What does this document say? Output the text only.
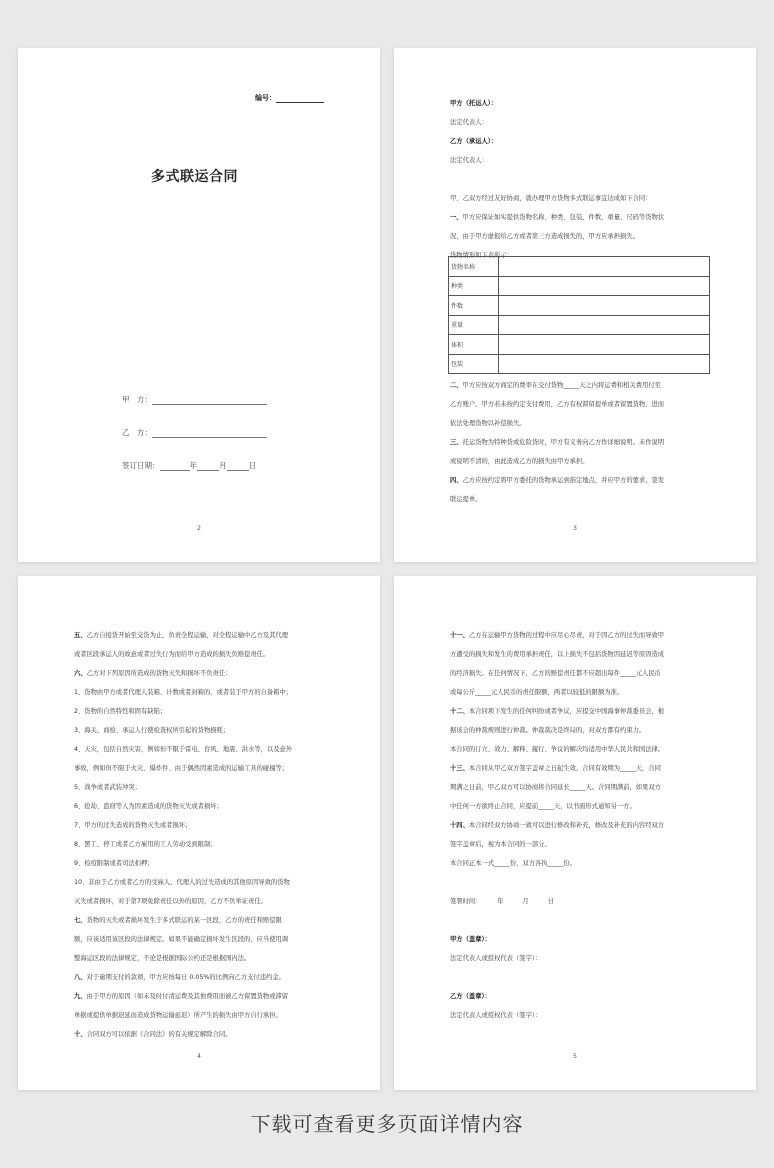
编号：
多式联运合同
甲　方：
乙　方：
签订日期：	年	月	日
2
甲方（托运人）：
法定代表人：
乙方（承运人）：
法定代表人：

甲、乙双方经过友好协商，就办理甲方货物多式联运事宜达成如下合同：
一、甲方应保证如实提供货物名称、种类、包装、件数、重量、尺码等货物状
况，由于甲方虚报给乙方或者第三方造成损失的，甲方应承担损失。
货物情形如下表所示：
货物名称	
种类	
件数	
重量	
体积	
包装	
二、甲方应按双方商定的费率在交付货物_____天之内将运费和相关费用付至
乙方账户。甲方若未按约定支付费用，乙方有权滞留提单或者留置货物，进而
依法处理货物以补偿损失。
三、托运货物为特种货或危险货时，甲方有义务向乙方作详细说明。未作说明
或说明不清的，由此造成乙方的损失由甲方承担。
四、乙方应按约定将甲方委托的货物承运到指定地点，并应甲方的要求，签发
联运提单。
3
五、乙方自接货开始至交货为止，负责全程运输，对全程运输中乙方及其代理
或者区段承运人的故意或者过失行为而给甲方造成的损失负赔偿责任。
六、乙方对下列原因所造成的货物灭失和损坏不负责任：
1、货物由甲方或者代理人装箱、计数或者封箱的，或者装于甲方的自备箱中；
2、货物的自然特性和固有缺陷；
3、海关、商检、承运人行使检查权所引起的货物损耗；
4、天灾，包括自然灾害，例如但不限于雷电、台风、地震、洪水等，以及意外
事故，例如但不限于火灾、爆炸件、由于偶然因素造成的运输工具的碰撞等；
5、战争或者武装冲突；
6、抢劫、盗窃等人为因素造成的货物灭失或者损坏；
7、甲方的过失造成的货物灭失或者损坏；
8、罢工、停工或者乙方雇用的工人劳动受到限制；
9、检疫限制或者司法扣押；
10、非由于乙方或者乙方的受雇人、代理人的过失造成的其他原因导致的货物
灭失或者损坏，对于第7项免除责任以外的原因，乙方不负举证责任。
七、货物的灭失或者损坏发生于多式联运的某一区段，乙方的责任和赔偿限
额，应该适用该区段的法律规定。如果不能确定损坏发生区段的，应当使用调
整海运区段的法律规定，不论是根据国际公约还是根据国内法。
八、对于逾期支付的款项，甲方应按每日 0.05%的比例向乙方支付违约金。
九、由于甲方的原因（如未及时付清运费及其他费用而被乙方留置货物或滞留
单据或提供单据迟延而造成货物运输延迟）所产生的损失由甲方自行承担。
十、合同双方可以依据《合同法》的有关规定解除合同。
4
十一、乙方在运输甲方货物的过程中应尽心尽责，对于因乙方的过失而导致甲
方遭受的损失和发生的费用承担责任，以上损失不包括货物因延迟等原因造成
的经济损失。在任何情况下，乙方的赔偿责任都不应超出每件_____元人民币
或每公斤_____元人民币的责任限额，两者以较低的限额为准。
十二、本合同项下发生的任何纠纷或者争议，应提交中国海事仲裁委员会，根
据该会的仲裁规则进行仲裁。仲裁裁决是终局的，对双方都有约束力。
本合同的订立、效力、解释、履行、争议的解决均适用中华人民共和国法律。
十三、本合同从甲乙双方签字盖章之日起生效，合同有效期为_____天，合同
期满之日前，甲乙双方可以协商将合同延长_____天。合同期满前，如果双方
中任何一方欲终止合同，应提前_____天，以书面形式通知另一方。
十四、本合同经双方协商一致可以进行修改和补充，修改及补充的内容经双方
签字盖章后，视为本合同的一部分。
本合同正本一式_____份，双方各执_____份。

签署时间：　　　年　　　月　　　日

甲方（盖章）：
法定代表人或授权代表（签字）：

乙方（盖章）：
法定代表人或授权代表（签字）：
5
下载可查看更多页面详情内容
